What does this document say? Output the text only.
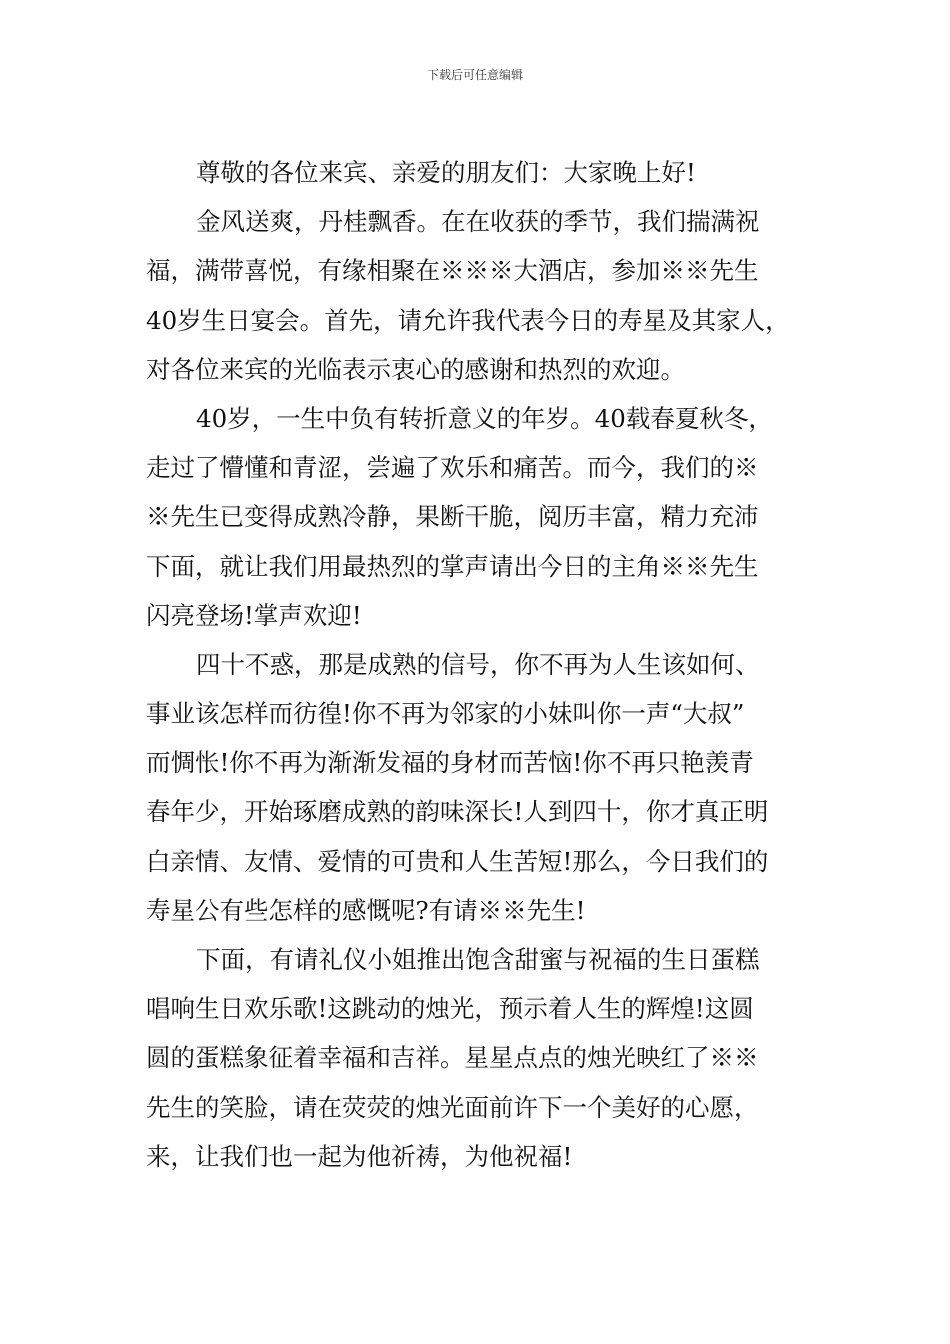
下载后可任意编辑
尊敬的各位来宾、亲爱的朋友们：大家晚上好!
金风送爽，丹桂飘香。在在收获的季节，我们揣满祝
福，满带喜悦，有缘相聚在※※※大酒店，参加※※先生
40岁生日宴会。首先，请允许我代表今日的寿星及其家人，
对各位来宾的光临表示衷心的感谢和热烈的欢迎。
40岁，一生中负有转折意义的年岁。40载春夏秋冬，
走过了懵懂和青涩，尝遍了欢乐和痛苦。而今，我们的※
※先生已变得成熟冷静，果断干脆，阅历丰富，精力充沛
下面，就让我们用最热烈的掌声请出今日的主角※※先生
闪亮登场!掌声欢迎!
四十不惑，那是成熟的信号，你不再为人生该如何、
事业该怎样而彷徨!你不再为邻家的小妹叫你一声“大叔”
而惆怅!你不再为渐渐发福的身材而苦恼!你不再只艳羡青
春年少，开始琢磨成熟的韵味深长!人到四十，你才真正明
白亲情、友情、爱情的可贵和人生苦短!那么，今日我们的
寿星公有些怎样的感慨呢?有请※※先生!
下面，有请礼仪小姐推出饱含甜蜜与祝福的生日蛋糕
唱响生日欢乐歌!这跳动的烛光，预示着人生的辉煌!这圆
圆的蛋糕象征着幸福和吉祥。星星点点的烛光映红了※※
先生的笑脸，请在荧荧的烛光面前许下一个美好的心愿，
来，让我们也一起为他祈祷，为他祝福!
